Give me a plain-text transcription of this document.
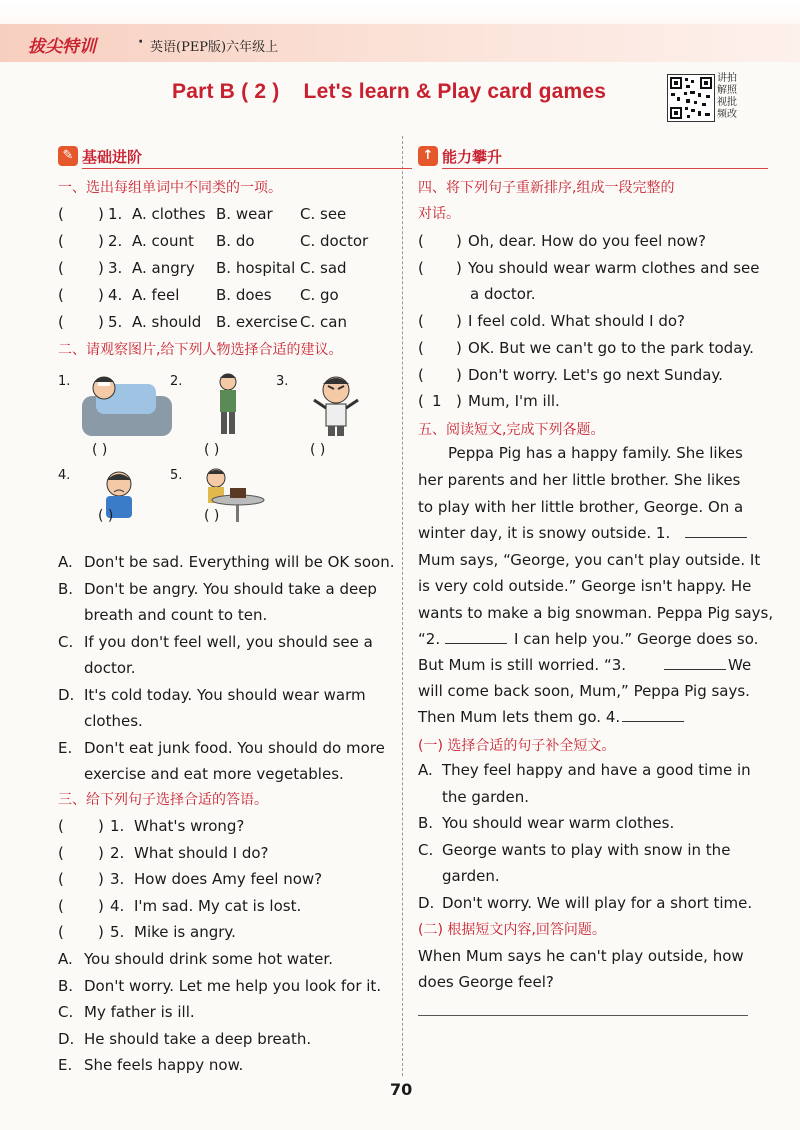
拔尖特训	· 英语(PEP版)六年级上
Part B ( 2 )    Let's learn & Play card games
讲拍
解照
视批
频改
✎ 基础进阶
一、选出每组单词中不同类的一项。
( ) 1. A. clothes B. wear C. see
( ) 2. A. count B. do	C. doctor
( ) 3. A. angry B. hospital C. sad
( ) 4. A. feel B. does C. go
( ) 5. A. should B. exercise C. can
二、请观察图片,给下列人物选择合适的建议。
1.
( )
2.
( )
3.
( )
4.
( )
5.
( )
A. Don't be sad. Everything will be OK soon.
B. Don't be angry. You should take a deep
breath and count to ten.
C. If you don't feel well, you should see a
doctor.
D. It's cold today. You should wear warm
clothes.
E. Don't eat junk food. You should do more
exercise and eat more vegetables.
三、给下列句子选择合适的答语。
( ) 1. What's wrong?
( ) 2. What should I do?
( ) 3. How does Amy feel now?
( ) 4. I'm sad. My cat is lost.
( ) 5. Mike is angry.
A. You should drink some hot water.
B. Don't worry. Let me help you look for it.
C. My father is ill.
D. He should take a deep breath.
E. She feels happy now.
↑ 能力攀升
四、将下列句子重新排序,组成一段完整的
对话。
( ) Oh, dear. How do you feel now?
( ) You should wear warm clothes and see
a doctor.
( ) I feel cold. What should I do?
( ) OK. But we can't go to the park today.
( ) Don't worry. Let's go next Sunday.
( 1 ) Mum, I'm ill.
五、阅读短文,完成下列各题。
Peppa Pig has a happy family. She likes
her parents and her little brother. She likes
to play with her little brother, George. On a
winter day, it is snowy outside. 1.
Mum says, “George, you can't play outside. It
is very cold outside.” George isn't happy. He
wants to make a big snowman. Peppa Pig says,
“2.	I can help you.” George does so.
But Mum is still worried. “3.	We
will come back soon, Mum,” Peppa Pig says.
Then Mum lets them go. 4.
(一) 选择合适的句子补全短文。
A. They feel happy and have a good time in
the garden.
B. You should wear warm clothes.
C. George wants to play with snow in the
garden.
D. Don't worry. We will play for a short time.
(二) 根据短文内容,回答问题。
When Mum says he can't play outside, how
does George feel?
70
